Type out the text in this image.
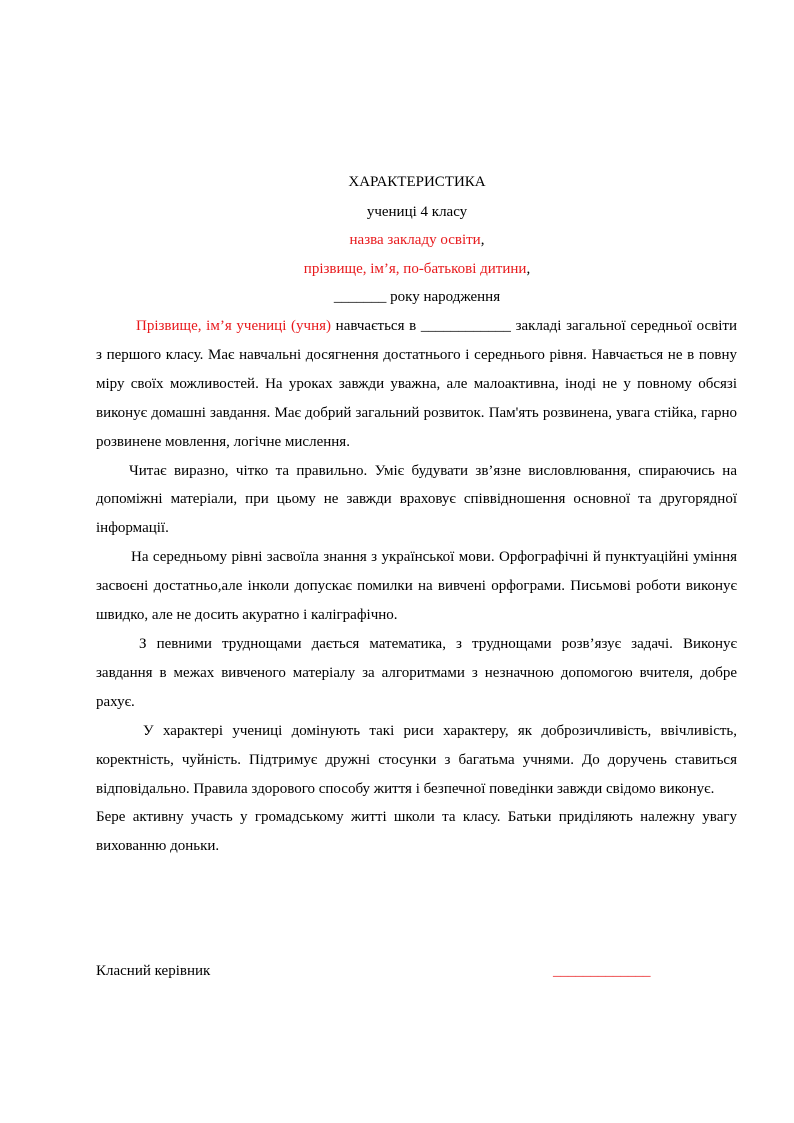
ХАРАКТЕРИСТИКА
учениці 4 класу
назва закладу освіти,
прізвище, ім’я, по-батькові дитини,
_______ року народження

Прізвище, ім’я учениці (учня) навчається в ____________ закладі загальної середньої освіти з першого класу. Має навчальні досягнення достатнього і середнього рівня. Навчається не в повну міру своїх можливостей. На уроках завжди уважна, але малоактивна, іноді не у повному обсязі виконує домашні завдання. Має добрий загальний розвиток. Пам'ять розвинена, увага стійка, гарно розвинене мовлення, логічне мислення.

Читає виразно, чітко та правильно. Уміє будувати зв’язне висловлювання, спираючись на допоміжні матеріали, при цьому не завжди враховує співвідношення основної та другорядної інформації.

На середньому рівні засвоїла знання з української мови. Орфографічні й пунктуаційні уміння засвоєні достатньо,але інколи допускає помилки на вивчені орфограми. Письмові роботи виконує швидко, але не досить акуратно і каліграфічно.

З певними труднощами дається математика, з труднощами розв’язує задачі. Виконує завдання в межах вивченого матеріалу за алгоритмами з незначною допомогою вчителя, добре рахує.

У характері учениці домінують такі риси характеру, як доброзичливість, ввічливість, коректність, чуйність. Підтримує дружні стосунки з багатьма учнями. До доручень ставиться відповідально. Правила здорового способу життя і безпечної поведінки завжди свідомо виконує.

Бере активну участь у громадському житті школи та класу. Батьки приділяють належну увагу вихованню доньки.

Класний керівник	_____________
